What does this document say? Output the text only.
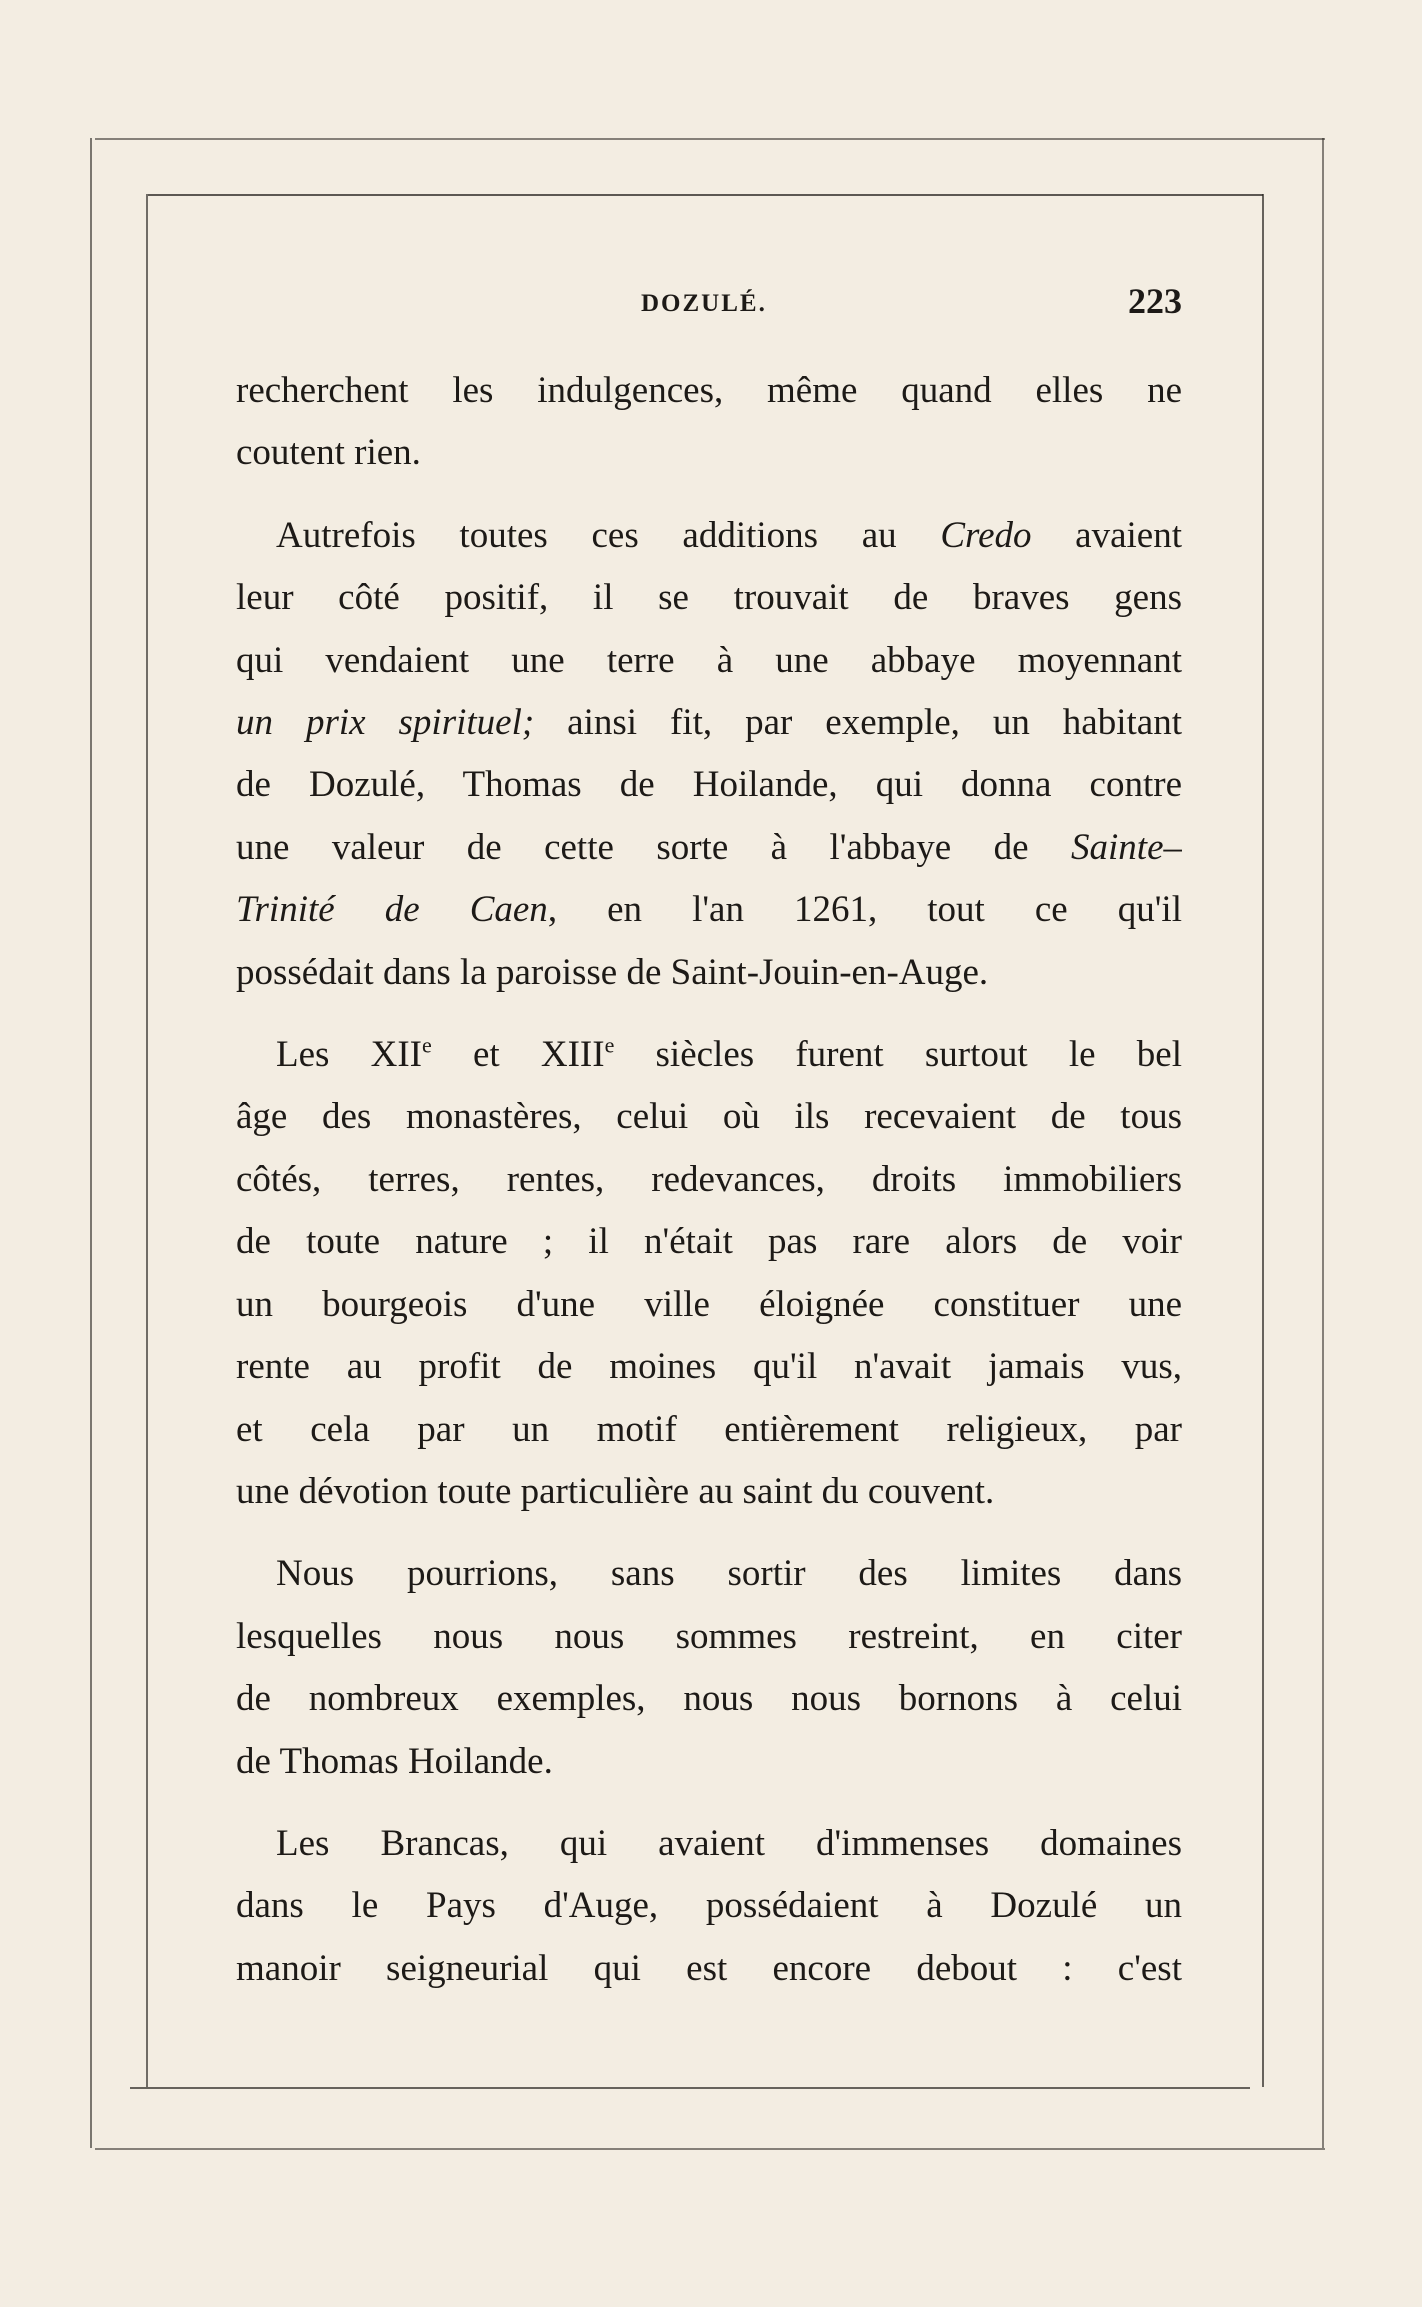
DOZULÉ.	223
recherchent les indulgences, même quand elles ne
coutent rien.
Autrefois toutes ces additions au Credo avaient
leur côté positif, il se trouvait de braves gens
qui vendaient une terre à une abbaye moyennant
un prix spirituel; ainsi fit, par exemple, un habitant
de Dozulé, Thomas de Hoilande, qui donna contre
une valeur de cette sorte à l'abbaye de Sainte–
Trinité de Caen, en l'an 1261, tout ce qu'il
possédait dans la paroisse de Saint-Jouin-en-Auge.
Les XIIe et XIIIe siècles furent surtout le bel
âge des monastères, celui où ils recevaient de tous
côtés, terres, rentes, redevances, droits immobiliers
de toute nature ; il n'était pas rare alors de voir
un bourgeois d'une ville éloignée constituer une
rente au profit de moines qu'il n'avait jamais vus,
et cela par un motif entièrement religieux, par
une dévotion toute particulière au saint du couvent.
Nous pourrions, sans sortir des limites dans
lesquelles nous nous sommes restreint, en citer
de nombreux exemples, nous nous bornons à celui
de Thomas Hoilande.
Les Brancas, qui avaient d'immenses domaines
dans le Pays d'Auge, possédaient à Dozulé un
manoir seigneurial qui est encore debout : c'est
